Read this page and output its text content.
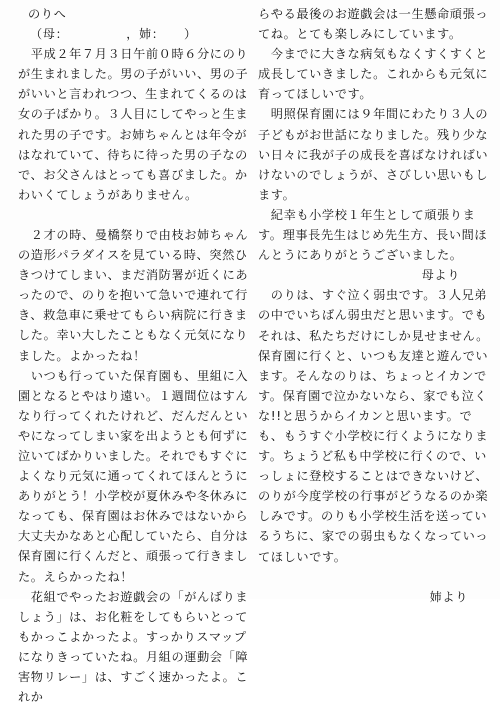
のりへ

（母：　　　　　，姉：　　）

　平成２年７月３日午前０時６分にのりが生まれました。男の子がいい、男の子がいいと言われつつ、生まれてくるのは女の子ばかり。３人目にしてやっと生まれた男の子です。お姉ちゃんとは年令がはなれていて、待ちに待った男の子なので、お父さんはとっても喜びました。かわいくてしょうがありません。

　２才の時、曼橋祭りで由枝お姉ちゃんの造形パラダイスを見ている時、突然ひきつけてしまい、まだ消防署が近くにあったので、のりを抱いて急いで連れて行き、救急車に乗せてもらい病院に行きました。幸い大したこともなく元気になりました。よかったね！

　いつも行っていた保育園も、里組に入園となるとやはり遠い。１週間位はすんなり行ってくれたけれど、だんだんといやになってしまい家を出ようとも何ずに泣いてばかりいました。それでもすぐによくなり元気に通ってくれてほんとうにありがとう！小学校が夏休みや冬休みになっても、保育園はお休みではないから大丈夫かなあと心配していたら、自分は保育園に行くんだと、頑張って行きました。えらかったね！

　花組でやったお遊戯会の「がんばりましょう」は、お化粧をしてもらいとってもかっこよかったよ。すっかりスマップになりきっていたね。月組の運動会「障害物リレー」は、すごく速かったよ。これか

らやる最後のお遊戯会は一生懸命頑張ってね。とても楽しみにしています。

　今までに大きな病気もなくすくすくと成長していきました。これからも元気に育ってほしいです。

　明照保育園には９年間にわたり３人の子どもがお世話になりました。残り少ない日々に我が子の成長を喜ばなければいけないのでしょうが、さびしい思いもします。

　紀幸も小学校１年生として頑張ります。理事長先生はじめ先生方、長い間ほんとうにありがとうございました。

母より

　のりは、すぐ泣く弱虫です。３人兄弟の中でいちばん弱虫だと思います。でもそれは、私たちだけにしか見せません。保育園に行くと、いつも友達と遊んでいます。そんなのりは、ちょっとイカンです。保育園で泣かないなら、家でも泣くな!!と思うからイカンと思います。でも、もうすぐ小学校に行くようになります。ちょうど私も中学校に行くので、いっしょに登校することはできないけど、のりが今度学校の行事がどうなるのか楽しみです。のりも小学校生活を送っているうちに、家での弱虫もなくなっていってほしいです。

姉より
